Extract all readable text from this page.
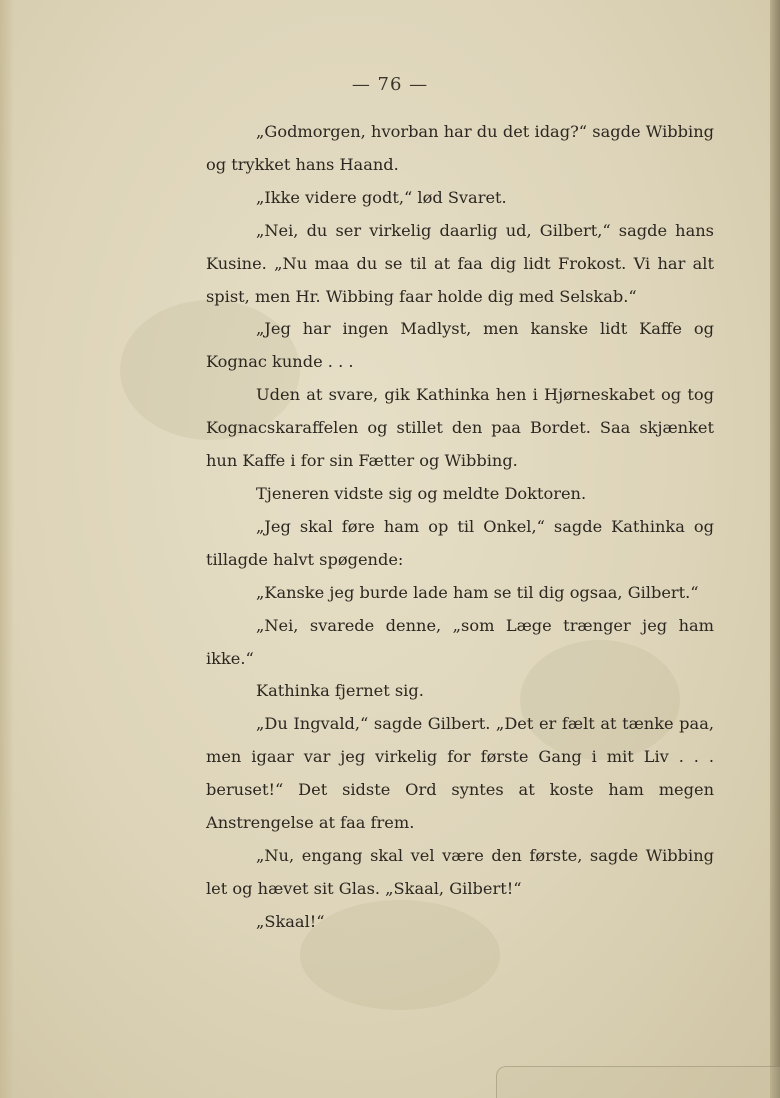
— 76 —

„Godmorgen, hvorban har du det idag?“ sagde Wibbing og trykket hans Haand.

„Ikke videre godt,“ lød Svaret.

„Nei, du ser virkelig daarlig ud, Gilbert,“ sagde hans Kusine. „Nu maa du se til at faa dig lidt Frokost. Vi har alt spist, men Hr. Wibbing faar holde dig med Selskab.“

„Jeg har ingen Madlyst, men kanske lidt Kaffe og Kognac kunde . . .

Uden at svare, gik Kathinka hen i Hjørneskabet og tog Kognacskaraffelen og stillet den paa Bordet. Saa skjænket hun Kaffe i for sin Fætter og Wibbing.

Tjeneren vidste sig og meldte Doktoren.

„Jeg skal føre ham op til Onkel,“ sagde Kathinka og tillagde halvt spøgende:

„Kanske jeg burde lade ham se til dig ogsaa, Gilbert.“

„Nei, svarede denne, „som Læge trænger jeg ham ikke.“

Kathinka fjernet sig.

„Du Ingvald,“ sagde Gilbert. „Det er fælt at tænke paa, men igaar var jeg virkelig for første Gang i mit Liv . . . beruset!“ Det sidste Ord syntes at koste ham megen Anstrengelse at faa frem.

„Nu, engang skal vel være den første, sagde Wibbing let og hævet sit Glas. „Skaal, Gilbert!“

„Skaal!“
